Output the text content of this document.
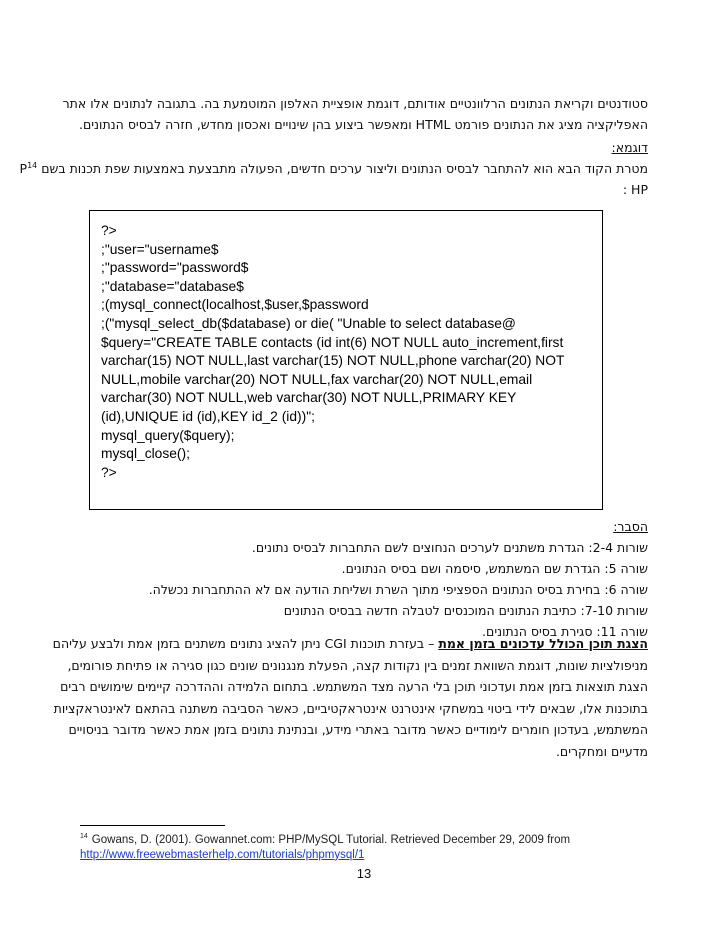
סטודנטים וקריאת הנתונים הרלוונטיים אודותם, דוגמת אופציית האלפון המוטמעת בה. בתגובה לנתונים אלו אתר
האפליקציה מציג את הנתונים פורמט HTML ומאפשר ביצוע בהן שינויים ואכסון מחדש, חזרה לבסיס הנתונים.
דוגמא:
מטרת הקוד הבא הוא להתחבר לבסיס הנתונים וליצור ערכים חדשים, הפעולה מתבצעת באמצעות שפת תכנות בשם $P^{14}$
: HP
?>
;"user="username$
;"password="password$
;"database="database$
;(mysql_connect(localhost,$user,$password
;("mysql_select_db($database) or die( "Unable to select database@
$query="CREATE TABLE contacts (id int(6) NOT NULL auto_increment,first
varchar(15) NOT NULL,last varchar(15) NOT NULL,phone varchar(20) NOT
NULL,mobile varchar(20) NOT NULL,fax varchar(20) NOT NULL,email
varchar(30) NOT NULL,web varchar(30) NOT NULL,PRIMARY KEY
(id),UNIQUE id (id),KEY id_2 (id))";
mysql_query($query);
mysql_close();
?>
הסבר:
שורות 2-4: הגדרת משתנים לערכים הנחוצים לשם התחברות לבסיס נתונים.
שורה 5: הגדרת שם המשתמש, סיסמה ושם בסיס הנתונים.
שורה 6: בחירת בסיס הנתונים הספציפי מתוך השרת ושליחת הודעה אם לא ההתחברות נכשלה.
שורות 7-10: כתיבת הנתונים המוכנסים לטבלה חדשה בבסיס הנתונים
שורה 11: סגירת בסיס הנתונים.
הצגת תוכן הכולל עדכונים בזמן אמת – בעזרת תוכנות CGI ניתן להציג נתונים משתנים בזמן אמת ולבצע עליהם
מניפולציות שונות, דוגמת השוואת זמנים בין נקודות קצה, הפעלת מנגנונים שונים כגון סגירה או פתיחת פורומים,
הצגת תוצאות בזמן אמת ועדכוני תוכן בלי הרעה מצד המשתמש. בתחום הלמידה וההדרכה קיימים שימושים רבים
בתוכנות אלו, שבאים לידי ביטוי במשחקי אינטרנט אינטראקטיביים, כאשר הסביבה משתנה בהתאם לאינטראקציות
המשתמש, בעדכון חומרים לימודיים כאשר מדובר באתרי מידע, ובנתינת נתונים בזמן אמת כאשר מדובר בניסויים
מדעיים ומחקרים.
$^{14}$ Gowans, D. (2001). Gowannet.com: PHP/MySQL Tutorial. Retrieved December 29, 2009 from
http://www.freewebmasterhelp.com/tutorials/phpmysql/1
13
